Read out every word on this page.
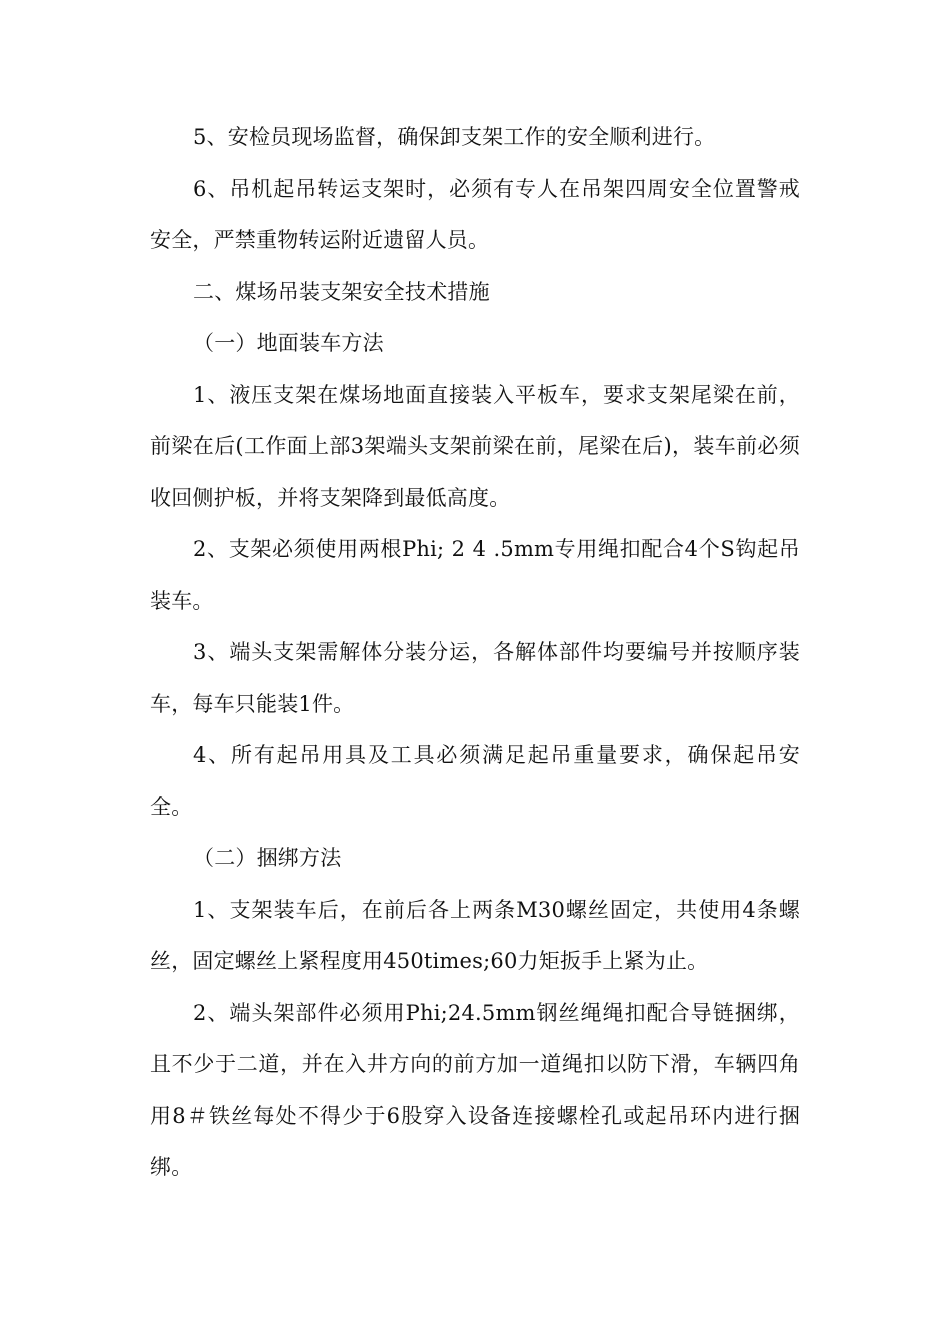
5、安检员现场监督，确保卸支架工作的安全顺利进行。

6、吊机起吊转运支架时，必须有专人在吊架四周安全位置警戒安全，严禁重物转运附近遗留人员。

二、煤场吊装支架安全技术措施

（一）地面装车方法

1、液压支架在煤场地面直接装入平板车，要求支架尾梁在前，前梁在后(工作面上部3架端头支架前梁在前，尾梁在后)，装车前必须收回侧护板，并将支架降到最低高度。

2、支架必须使用两根Phi; 2 4 .5mm专用绳扣配合4个S钩起吊装车。

3、端头支架需解体分装分运，各解体部件均要编号并按顺序装车，每车只能装1件。

4、所有起吊用具及工具必须满足起吊重量要求，确保起吊安全。

（二）捆绑方法

1、支架装车后，在前后各上两条M30螺丝固定，共使用4条螺丝，固定螺丝上紧程度用450times;60力矩扳手上紧为止。

2、端头架部件必须用Phi;24.5mm钢丝绳绳扣配合导链捆绑，且不少于二道，并在入井方向的前方加一道绳扣以防下滑，车辆四角用8＃铁丝每处不得少于6股穿入设备连接螺栓孔或起吊环内进行捆绑。
